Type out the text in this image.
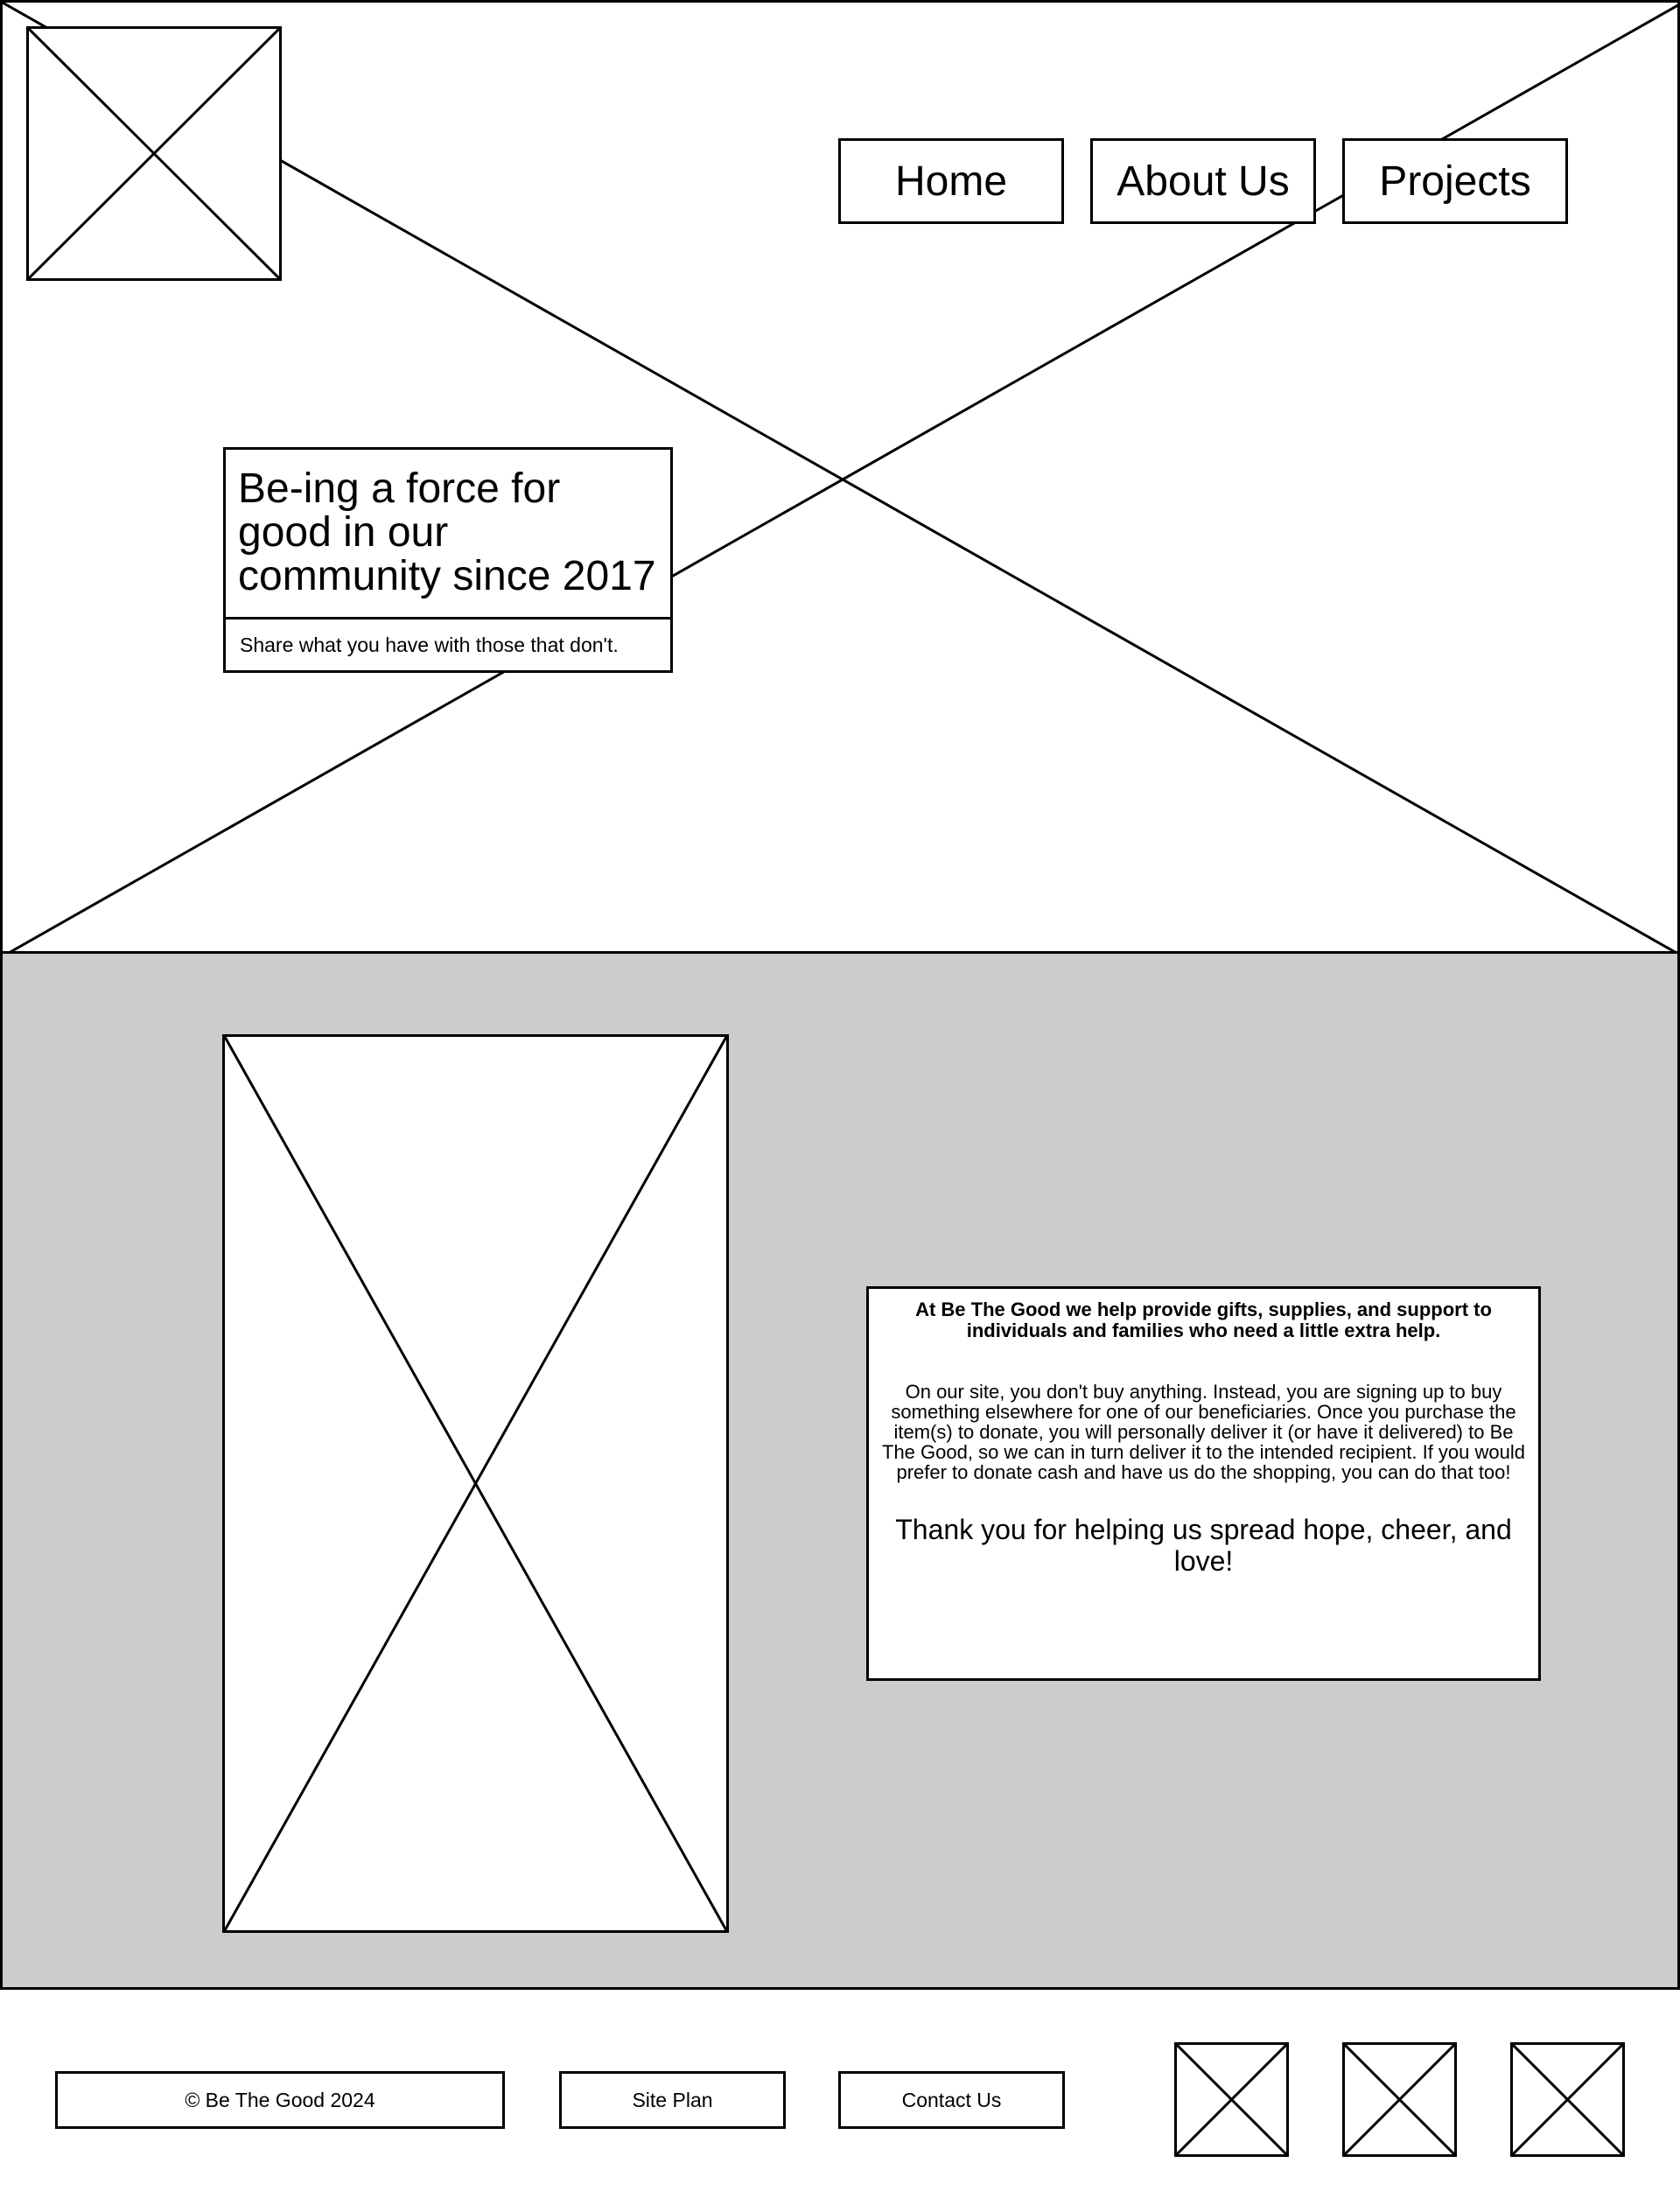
Home	About Us	Projects
Be-ing a force for good in our community since 2017
Share what you have with those that don't.

At Be The Good we help provide gifts, supplies, and support to individuals and families who need a little extra help.

On our site, you don't buy anything. Instead, you are signing up to buy something elsewhere for one of our beneficiaries. Once you purchase the item(s) to donate, you will personally deliver it (or have it delivered) to Be The Good, so we can in turn deliver it to the intended recipient. If you would prefer to donate cash and have us do the shopping, you can do that too!

Thank you for helping us spread hope, cheer, and love!

© Be The Good 2024	Site Plan	Contact Us
